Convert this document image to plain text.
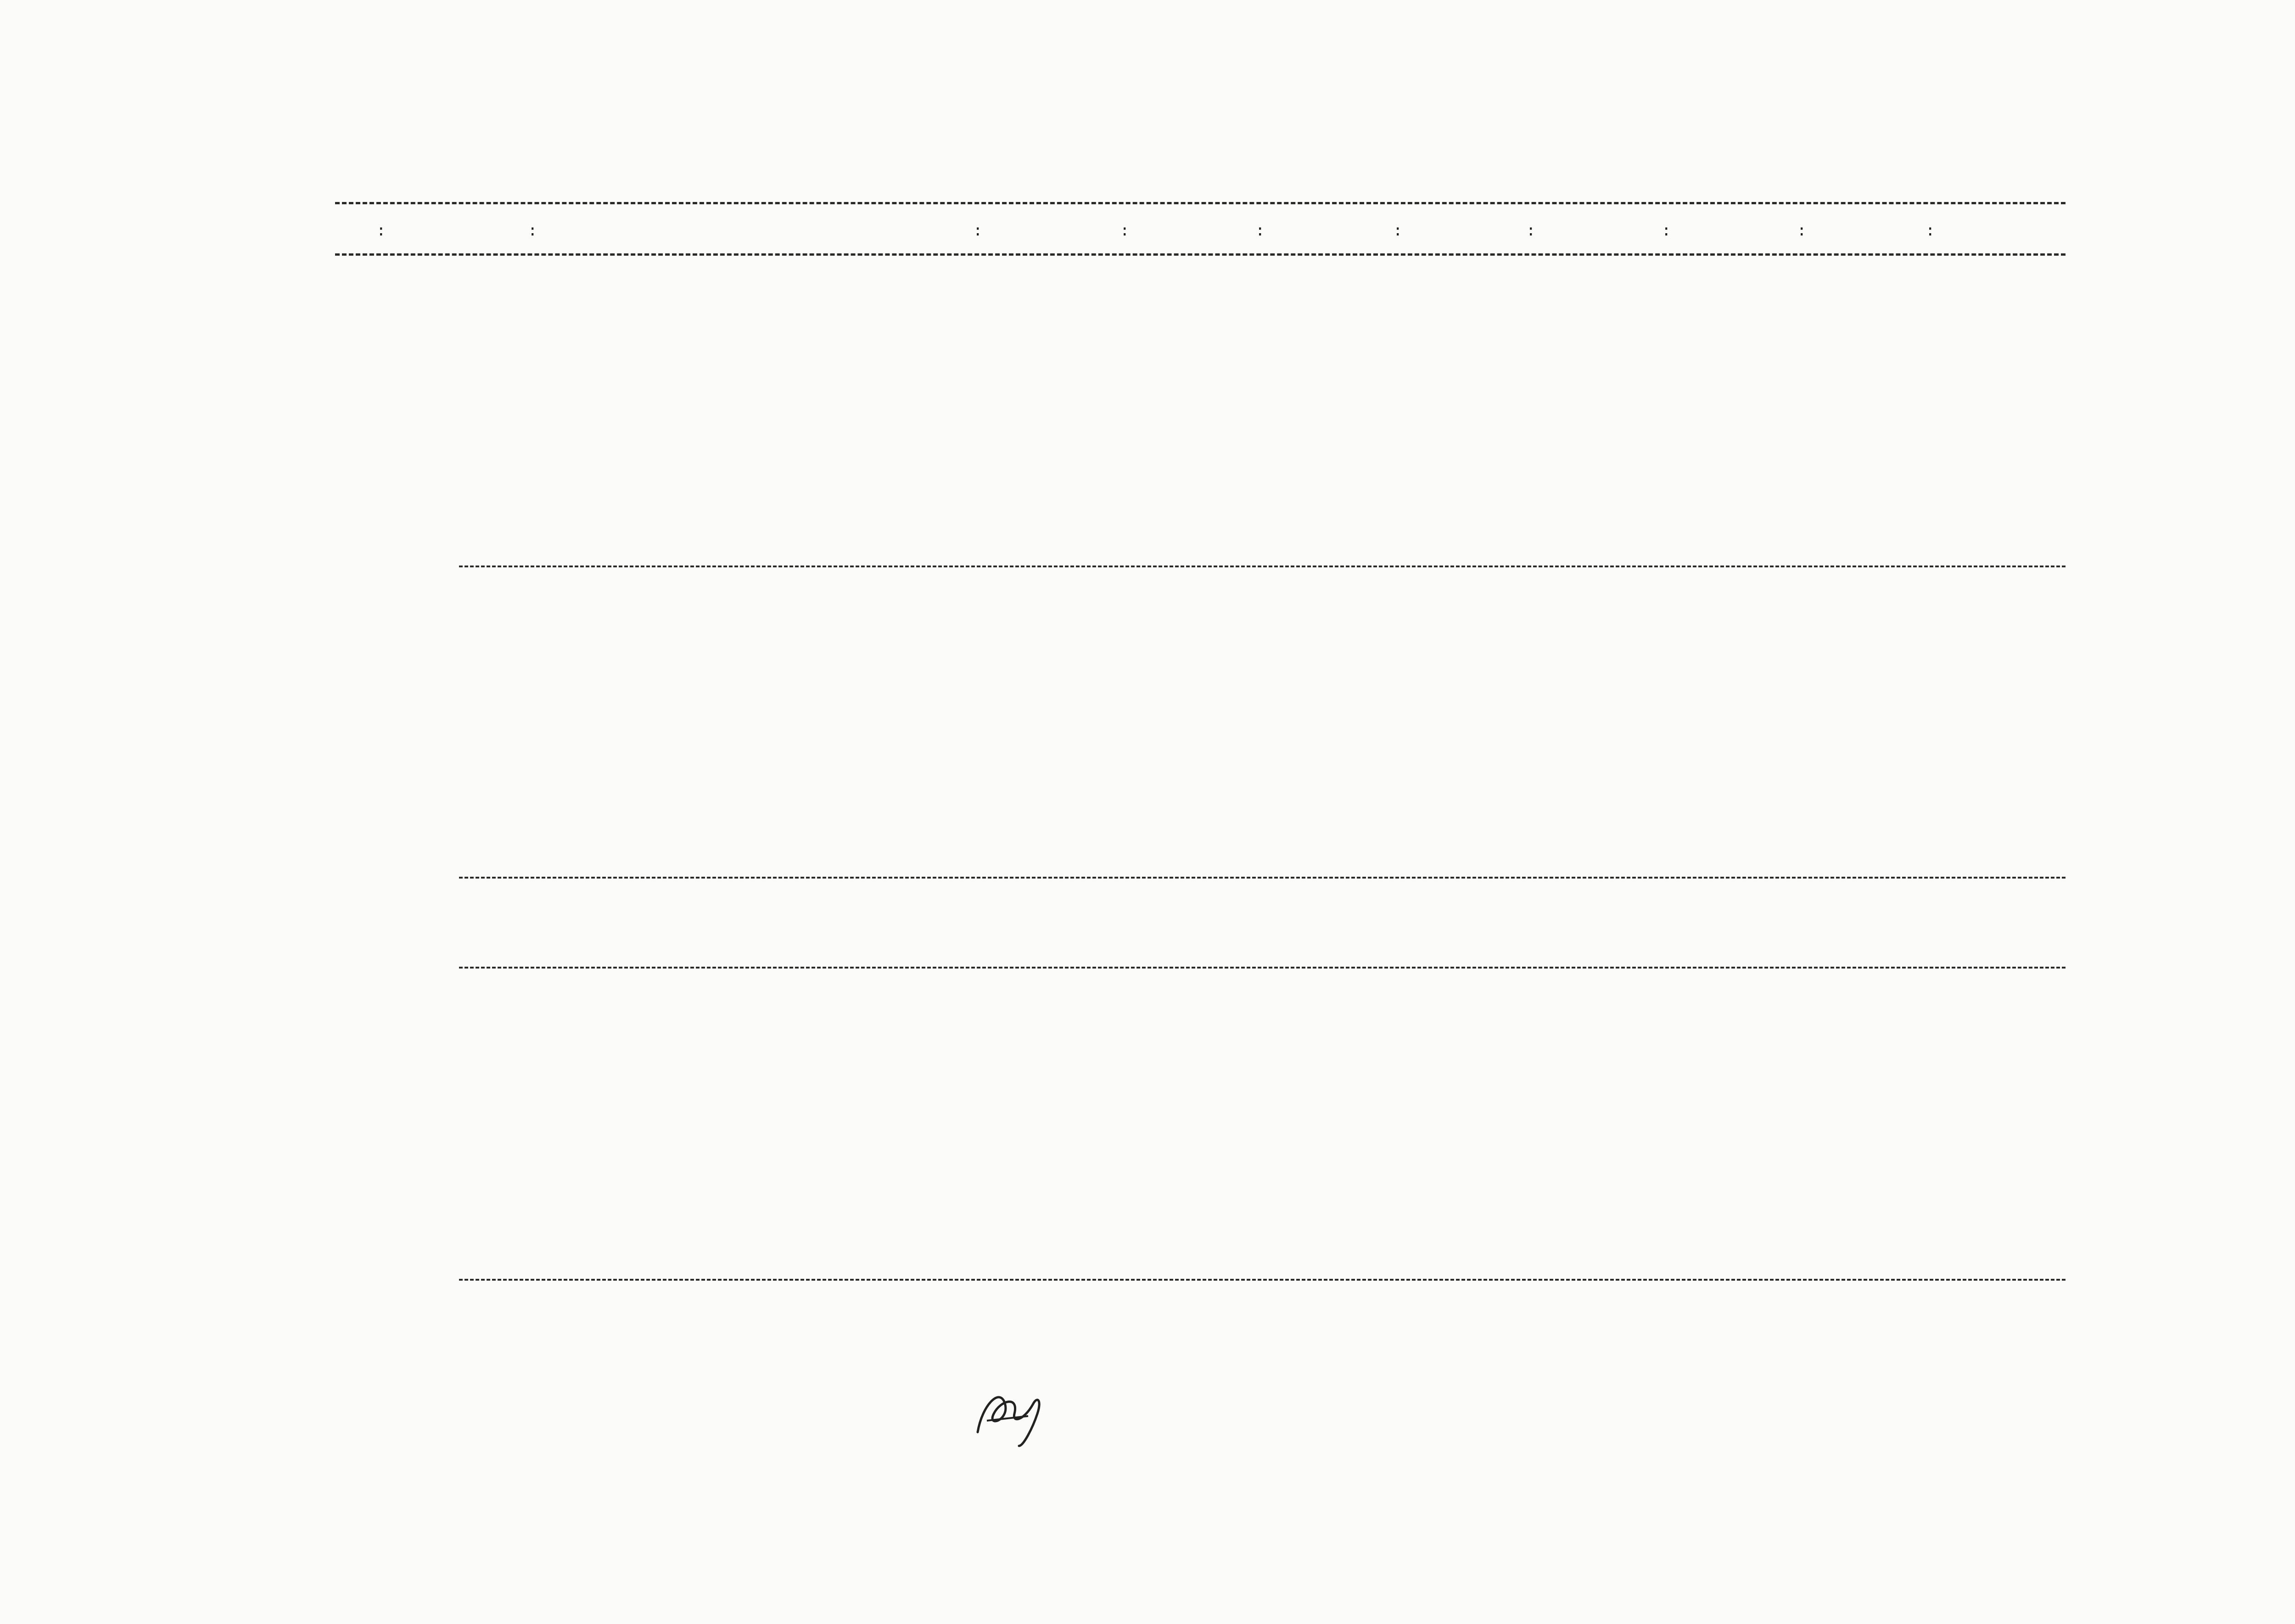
:	:	:	:	:	:	:	:	:	:
